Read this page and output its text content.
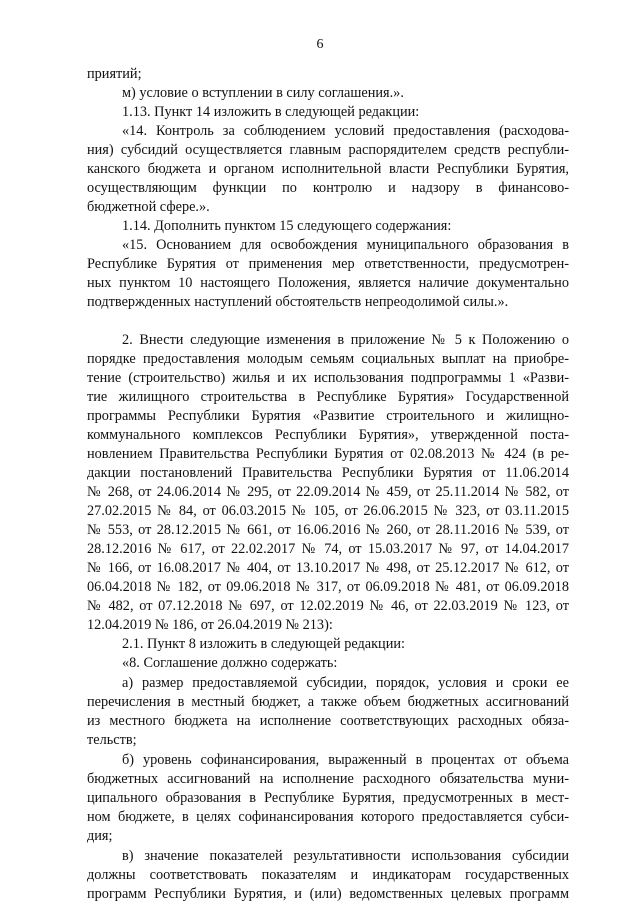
6
приятий;
м) условие о вступлении в силу соглашения.».
1.13. Пункт 14 изложить в следующей редакции:
«14. Контроль за соблюдением условий предоставления (расходова-
ния) субсидий осуществляется главным распорядителем средств республи-
канского бюджета и органом исполнительной власти Республики Бурятия,
осуществляющим функции по контролю и надзору в финансово-
бюджетной сфере.».
1.14. Дополнить пунктом 15 следующего содержания:
«15. Основанием для освобождения муниципального образования в
Республике Бурятия от применения мер ответственности, предусмотрен-
ных пунктом 10 настоящего Положения, является наличие документально
подтвержденных наступлений обстоятельств непреодолимой силы.».
2. Внести следующие изменения в приложение № 5 к Положению о
порядке предоставления молодым семьям социальных выплат на приобре-
тение (строительство) жилья и их использования подпрограммы 1 «Разви-
тие жилищного строительства в Республике Бурятия» Государственной
программы Республики Бурятия «Развитие строительного и жилищно-
коммунального комплексов Республики Бурятия», утвержденной поста-
новлением Правительства Республики Бурятия от 02.08.2013 № 424 (в ре-
дакции постановлений Правительства Республики Бурятия от 11.06.2014
№ 268, от 24.06.2014 № 295, от 22.09.2014 № 459, от 25.11.2014 № 582, от
27.02.2015 № 84, от 06.03.2015 № 105, от 26.06.2015 № 323, от 03.11.2015
№ 553, от 28.12.2015 № 661, от 16.06.2016 № 260, от 28.11.2016 № 539, от
28.12.2016 № 617, от 22.02.2017 № 74, от 15.03.2017 № 97, от 14.04.2017
№ 166, от 16.08.2017 № 404, от 13.10.2017 № 498, от 25.12.2017 № 612, от
06.04.2018 № 182, от 09.06.2018 № 317, от 06.09.2018 № 481, от 06.09.2018
№ 482, от 07.12.2018 № 697, от 12.02.2019 № 46, от 22.03.2019 № 123, от
12.04.2019 № 186, от 26.04.2019 № 213):
2.1. Пункт 8 изложить в следующей редакции:
«8. Соглашение должно содержать:
а) размер предоставляемой субсидии, порядок, условия и сроки ее
перечисления в местный бюджет, а также объем бюджетных ассигнований
из местного бюджета на исполнение соответствующих расходных обяза-
тельств;
б) уровень софинансирования, выраженный в процентах от объема
бюджетных ассигнований на исполнение расходного обязательства муни-
ципального образования в Республике Бурятия, предусмотренных в мест-
ном бюджете, в целях софинансирования которого предоставляется субси-
дия;
в) значение показателей результативности использования субсидии
должны соответствовать показателям и индикаторам государственных
программ Республики Бурятия, и (или) ведомственных целевых программ
